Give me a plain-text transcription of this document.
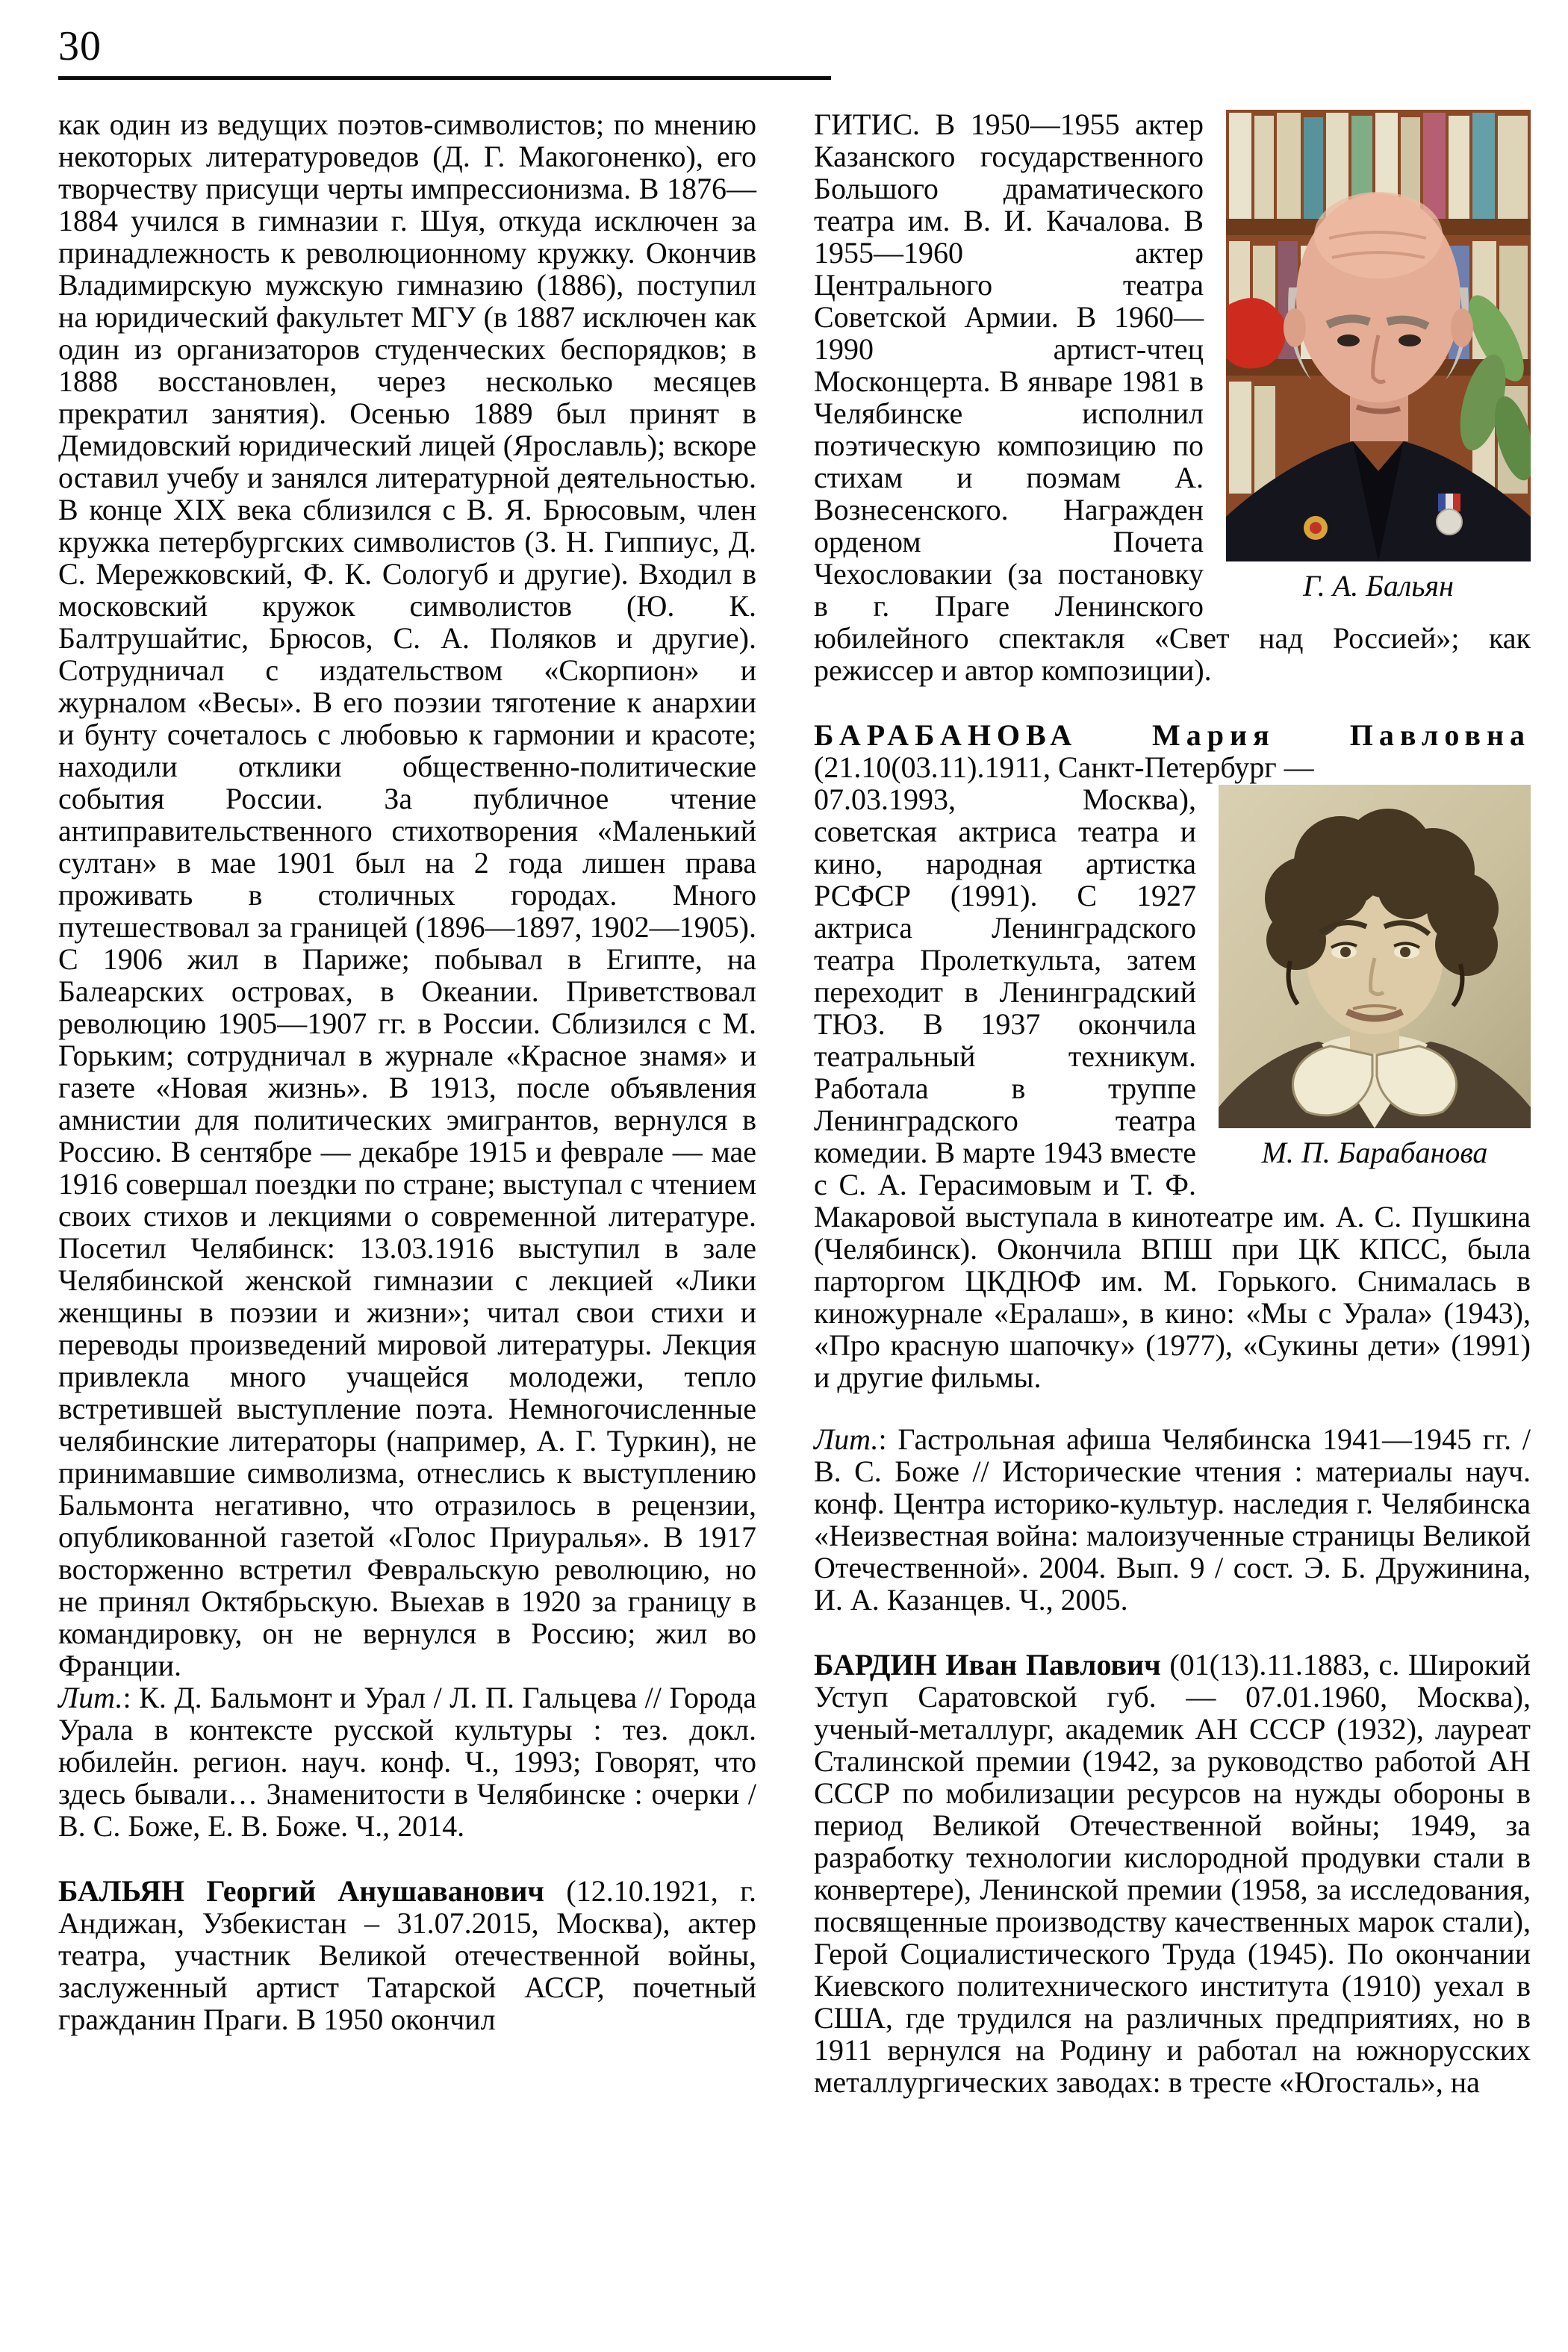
30

как один из ведущих поэтов-символистов; по мнению некоторых литературоведов (Д. Г. Макогоненко), его творчеству присущи черты импрессионизма. В 1876—1884 учился в гимназии г. Шуя, откуда исключен за принадлежность к революционному кружку. Окончив Владимирскую мужскую гимназию (1886), поступил на юридический факультет МГУ (в 1887 исключен как один из организаторов студенческих беспорядков; в 1888 восстановлен, через несколько месяцев прекратил занятия). Осенью 1889 был принят в Демидовский юридический лицей (Ярославль); вскоре оставил учебу и занялся литературной деятельностью. В конце XIX века сблизился с В. Я. Брюсовым, член кружка петербургских символистов (З. Н. Гиппиус, Д. С. Мережковский, Ф. К. Сологуб и другие). Входил в московский кружок символистов (Ю. К. Балтрушайтис, Брюсов, С. А. Поляков и другие). Сотрудничал с издательством «Скорпион» и журналом «Весы». В его поэзии тяготение к анархии и бунту сочеталось с любовью к гармонии и красоте; находили отклики общественно-политические события России. За публичное чтение антиправительственного стихотворения «Маленький султан» в мае 1901 был на 2 года лишен права проживать в столичных городах. Много путешествовал за границей (1896—1897, 1902—1905). С 1906 жил в Париже; побывал в Египте, на Балеарских островах, в Океании. Приветствовал революцию 1905—1907 гг. в России. Сблизился с М. Горьким; сотрудничал в журнале «Красное знамя» и газете «Новая жизнь». В 1913, после объявления амнистии для политических эмигрантов, вернулся в Россию. В сентябре — декабре 1915 и феврале — мае 1916 совершал поездки по стране; выступал с чтением своих стихов и лекциями о современной литературе. Посетил Челябинск: 13.03.1916 выступил в зале Челябинской женской гимназии с лекцией «Лики женщины в поэзии и жизни»; читал свои стихи и переводы произведений мировой литературы. Лекция привлекла много учащейся молодежи, тепло встретившей выступление поэта. Немногочисленные челябинские литераторы (например, А. Г. Туркин), не принимавшие символизма, отнеслись к выступлению Бальмонта негативно, что отразилось в рецензии, опубликованной газетой «Голос Приуралья». В 1917 восторженно встретил Февральскую революцию, но не принял Октябрьскую. Выехав в 1920 за границу в командировку, он не вернулся в Россию; жил во Франции.

Лит.: К. Д. Бальмонт и Урал / Л. П. Гальцева // Города Урала в контексте русской культуры : тез. докл. юбилейн. регион. науч. конф. Ч., 1993; Говорят, что здесь бывали… Знаменитости в Челябинске : очерки / В. С. Боже, Е. В. Боже. Ч., 2014.

БАЛЬЯН Георгий Анушаванович (12.10.1921, г. Андижан, Узбекистан – 31.07.2015, Москва), актер театра, участник Великой отечественной войны, заслуженный артист Татарской АССР, почетный гражданин Праги. В 1950 окончил

Г. А. Бальян
ГИТИС. В 1950—1955 актер Казанского государственного Большого драматического театра им. В. И. Качалова. В 1955—1960 актер Центрального театра Советской Армии. В 1960—1990 артист-чтец Москонцерта. В январе 1981 в Челябинске исполнил поэтическую композицию по стихам и поэмам А. Вознесенского. Награжден орденом Почета Чехословакии (за постановку в г. Праге Ленинского юбилейного спектакля «Свет над Россией»; как режиссер и автор композиции).

БАРАБАНОВА Мария Павловна (21.10(03.11).1911, Санкт-Петербург —

М. П. Барабанова
07.03.1993, Москва), советская актриса театра и кино, народная артистка РСФСР (1991). С 1927 актриса Ленинградского театра Пролеткульта, затем переходит в Ленинградский ТЮЗ. В 1937 окончила театральный техникум. Работала в труппе Ленинградского театра комедии. В марте 1943 вместе с С. А. Герасимовым и Т. Ф. Макаровой выступала в кинотеатре им. А. С. Пушкина (Челябинск). Окончила ВПШ при ЦК КПСС, была парторгом ЦКДЮФ им. М. Горького. Снималась в киножурнале «Ералаш», в кино: «Мы с Урала» (1943), «Про красную шапочку» (1977), «Сукины дети» (1991) и другие фильмы.

Лит.: Гастрольная афиша Челябинска 1941—1945 гг. / В. С. Боже // Исторические чтения : материалы науч. конф. Центра историко-культур. наследия г. Челябинска «Неизвестная война: малоизученные страницы Великой Отечественной». 2004. Вып. 9 / сост. Э. Б. Дружинина, И. А. Казанцев. Ч., 2005.

БАРДИН Иван Павлович (01(13).11.1883, с. Широкий Уступ Саратовской губ. — 07.01.1960, Москва), ученый-металлург, академик АН СССР (1932), лауреат Сталинской премии (1942, за руководство работой АН СССР по мобилизации ресурсов на нужды обороны в период Великой Отечественной войны; 1949, за разработку технологии кислородной продувки стали в конвертере), Ленинской премии (1958, за исследования, посвященные производству качественных марок стали), Герой Социалистического Труда (1945). По окончании Киевского политехнического института (1910) уехал в США, где трудился на различных предприятиях, но в 1911 вернулся на Родину и работал на южнорусских металлургических заводах: в тресте «Югосталь», на
